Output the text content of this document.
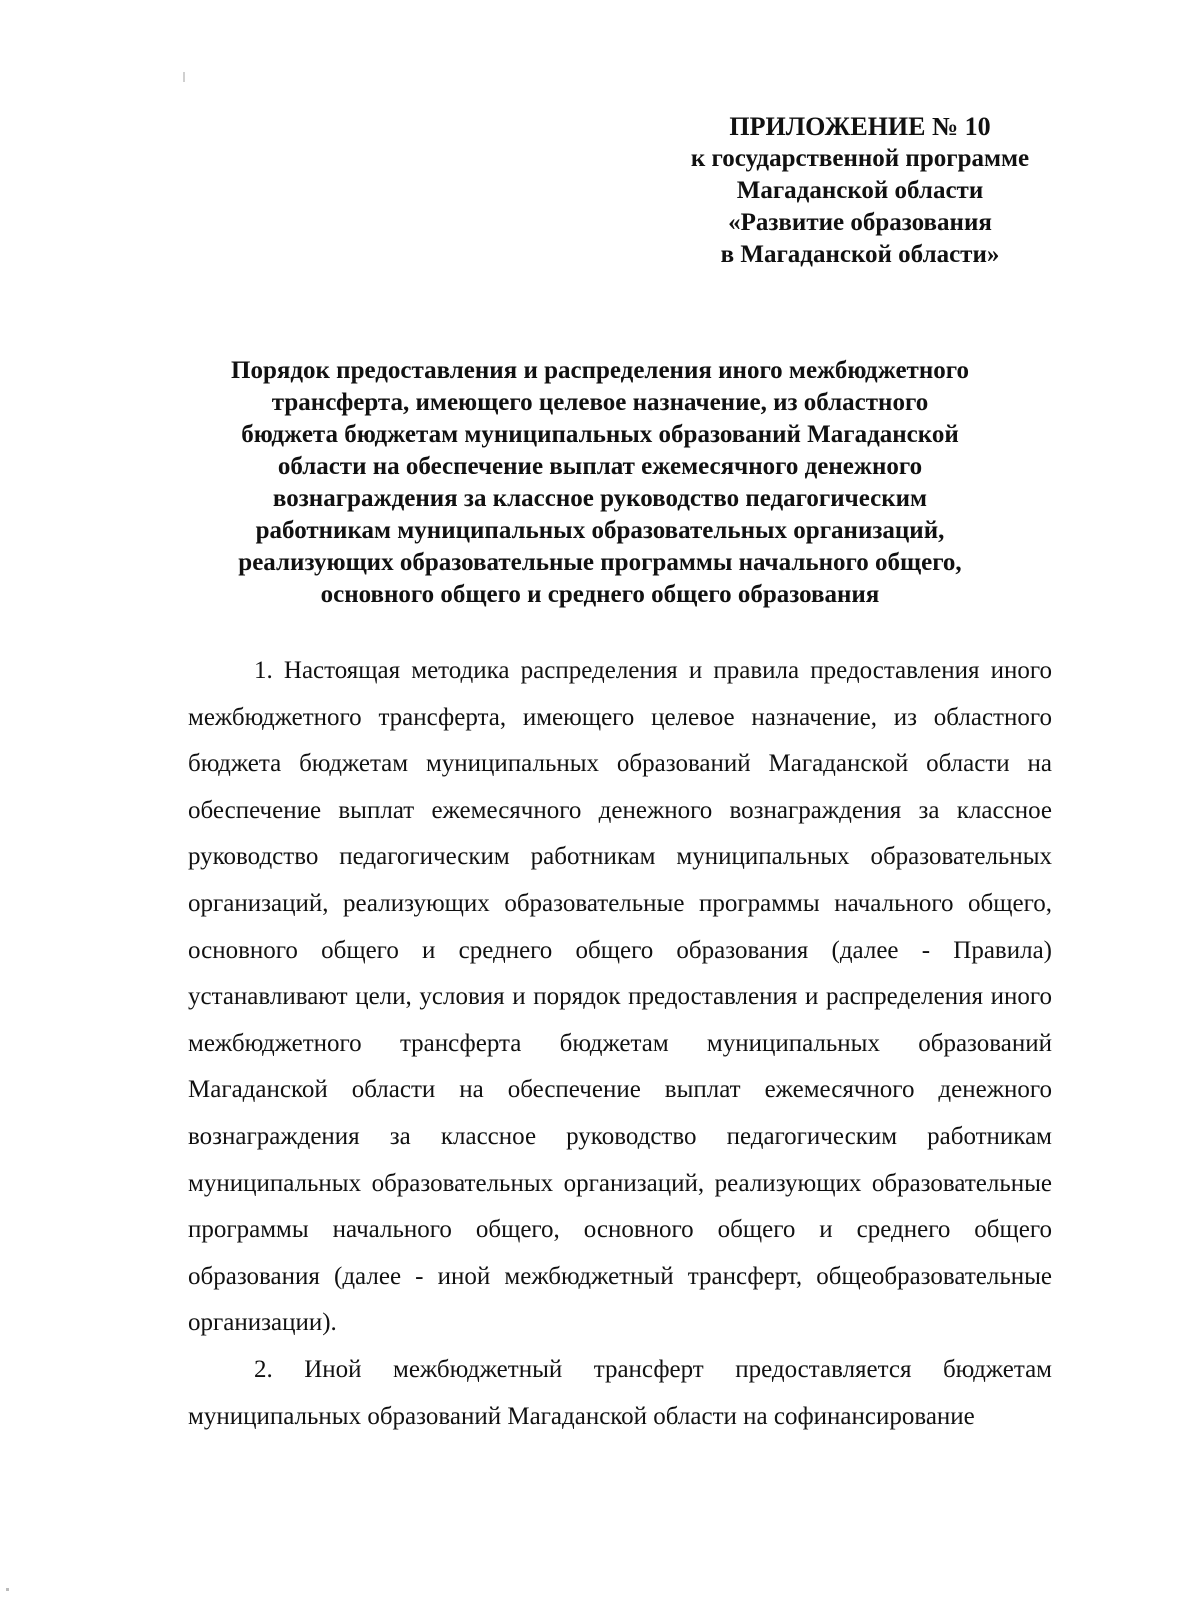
ПРИЛОЖЕНИЕ № 10
к государственной программе
Магаданской области
«Развитие образования
в Магаданской области»
Порядок предоставления и распределения иного межбюджетного
трансферта, имеющего целевое назначение, из областного
бюджета бюджетам муниципальных образований Магаданской
области на обеспечение выплат ежемесячного денежного
вознаграждения за классное руководство педагогическим
работникам муниципальных образовательных организаций,
реализующих образовательные программы начального общего,
основного общего и среднего общего образования

1. Настоящая методика распределения и правила предоставления иного межбюджетного трансферта, имеющего целевое назначение, из областного бюджета бюджетам муниципальных образований Магаданской области на обеспечение выплат ежемесячного денежного вознаграждения за классное руководство педагогическим работникам муниципальных образовательных организаций, реализующих образовательные программы начального общего, основного общего и среднего общего образования (далее - Правила) устанавливают цели, условия и порядок предоставления и распределения иного межбюджетного трансферта бюджетам муниципальных образований Магаданской области на обеспечение выплат ежемесячного денежного вознаграждения за классное руководство педагогическим работникам муниципальных образовательных организаций, реализующих образовательные программы начального общего, основного общего и среднего общего образования (далее - иной межбюджетный трансферт, общеобразовательные организации).

2. Иной межбюджетный трансферт предоставляется бюджетам муниципальных образований Магаданской области на софинансирование
